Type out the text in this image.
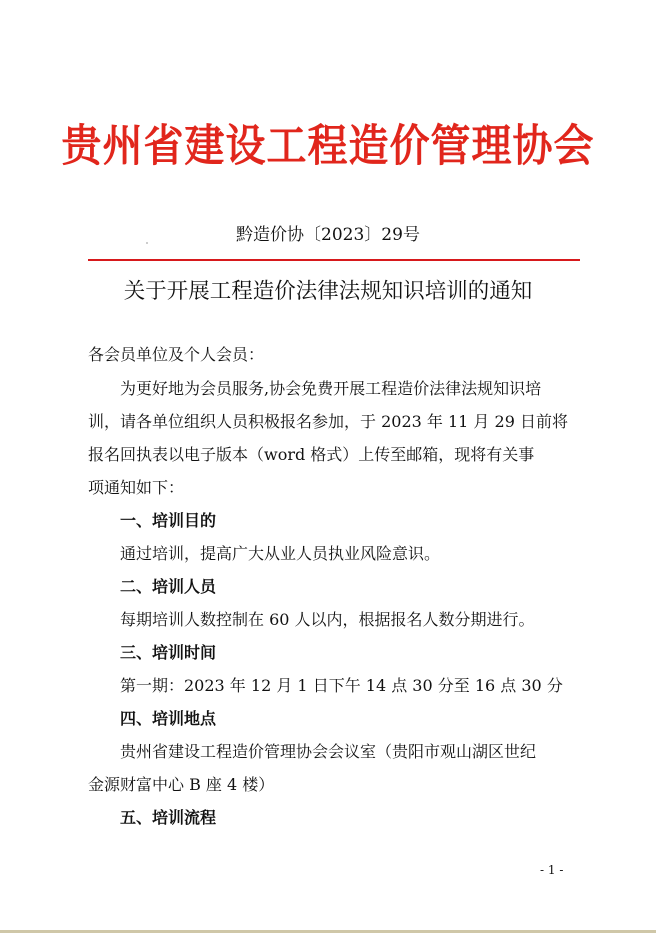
贵州省建设工程造价管理协会
黔造价协〔2023〕29号
关于开展工程造价法律法规知识培训的通知
各会员单位及个人会员：
为更好地为会员服务,协会免费开展工程造价法律法规知识培
训，请各单位组织人员积极报名参加，于 2023 年 11 月 29 日前将
报名回执表以电子版本（word 格式）上传至邮箱，现将有关事
项通知如下：
一、培训目的
通过培训，提高广大从业人员执业风险意识。
二、培训人员
每期培训人数控制在 60 人以内，根据报名人数分期进行。
三、培训时间
第一期：2023 年 12 月 1 日下午 14 点 30 分至 16 点 30 分
四、培训地点
贵州省建设工程造价管理协会会议室（贵阳市观山湖区世纪
金源财富中心 B 座 4 楼）
五、培训流程
- 1 -
